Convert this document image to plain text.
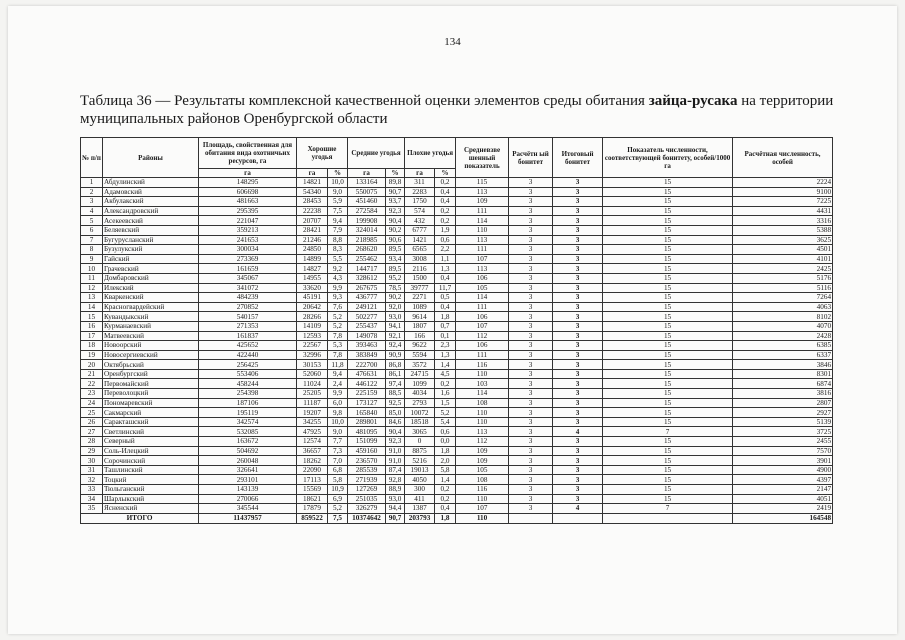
134
Таблица 36 — Результаты комплексной качественной оценки элементов среды обитания зайца-русака на территории муниципальных районов Оренбургской области
№ п/п	Районы	Площадь, свойственная для обитания вида охотничьих ресурсов, га	Хорошие угодья		Средние угодья		Плохие угодья		Средневзве шенный показатель	Расчётн ый бонитет	Итоговый бонитет	Показатель численности, соответствующей бонитету, особей/1000 га	Расчётная численность, особей
		га	га	%	га	%	га	%					
1	Абдулинский	148295	14821	10,0	133164	89,8	311	0,2	115	3	3	15	2224
2	Адамовский	606698	54340	9,0	550075	90,7	2283	0,4	113	3	3	15	9100
3	Акбулакский	481663	28453	5,9	451460	93,7	1750	0,4	109	3	3	15	7225
4	Александровский	295395	22238	7,5	272584	92,3	574	0,2	111	3	3	15	4431
5	Асекеевский	221047	20707	9,4	199908	90,4	432	0,2	114	3	3	15	3316
6	Беляевский	359213	28421	7,9	324014	90,2	6777	1,9	110	3	3	15	5388
7	Бугурусланский	241653	21246	8,8	218985	90,6	1421	0,6	113	3	3	15	3625
8	Бузулукский	300034	24850	8,3	268620	89,5	6565	2,2	111	3	3	15	4501
9	Гайский	273369	14899	5,5	255462	93,4	3008	1,1	107	3	3	15	4101
10	Грачевский	161659	14827	9,2	144717	89,5	2116	1,3	113	3	3	15	2425
11	Домбаровский	345067	14955	4,3	328612	95,2	1500	0,4	106	3	3	15	5176
12	Илекский	341072	33620	9,9	267675	78,5	39777	11,7	105	3	3	15	5116
13	Кваркенский	484239	45191	9,3	436777	90,2	2271	0,5	114	3	3	15	7264
14	Красногвардейский	270852	20642	7,6	249121	92,0	1089	0,4	111	3	3	15	4063
15	Кувандыкский	540157	28266	5,2	502277	93,0	9614	1,8	106	3	3	15	8102
16	Курманаевский	271353	14109	5,2	255437	94,1	1807	0,7	107	3	3	15	4070
17	Матвеевский	161837	12593	7,8	149078	92,1	166	0,1	112	3	3	15	2428
18	Новоорский	425652	22567	5,3	393463	92,4	9622	2,3	106	3	3	15	6385
19	Новосергиевский	422440	32996	7,8	383849	90,9	5594	1,3	111	3	3	15	6337
20	Октябрьский	256425	30153	11,8	222700	86,8	3572	1,4	116	3	3	15	3846
21	Оренбургский	553406	52060	9,4	476631	86,1	24715	4,5	110	3	3	15	8301
22	Первомайский	458244	11024	2,4	446122	97,4	1099	0,2	103	3	3	15	6874
23	Переволоцкий	254398	25205	9,9	225159	88,5	4034	1,6	114	3	3	15	3816
24	Пономаревский	187106	11187	6,0	173127	92,5	2793	1,5	108	3	3	15	2807
25	Сакмарский	195119	19207	9,8	165840	85,0	10072	5,2	110	3	3	15	2927
26	Саракташский	342574	34255	10,0	289801	84,6	18518	5,4	110	3	3	15	5139
27	Светлинский	532085	47925	9,0	481095	90,4	3065	0,6	113	3	4	7	3725
28	Северный	163672	12574	7,7	151099	92,3	0	0,0	112	3	3	15	2455
29	Соль-Илецкий	504692	36657	7,3	459160	91,0	8875	1,8	109	3	3	15	7570
30	Сорочинский	260048	18262	7,0	236570	91,0	5216	2,0	109	3	3	15	3901
31	Ташлинский	326641	22090	6,8	285539	87,4	19013	5,8	105	3	3	15	4900
32	Тоцкий	293101	17113	5,8	271939	92,8	4050	1,4	108	3	3	15	4397
33	Тюльганский	143139	15569	10,9	127269	88,9	300	0,2	116	3	3	15	2147
34	Шарлыкский	270066	18621	6,9	251035	93,0	411	0,2	110	3	3	15	4051
35	Ясненский	345544	17879	5,2	326279	94,4	1387	0,4	107	3	4	7	2419
ИТОГО		11437957	859522	7,5	10374642	90,7	203793	1,8	110				164548
